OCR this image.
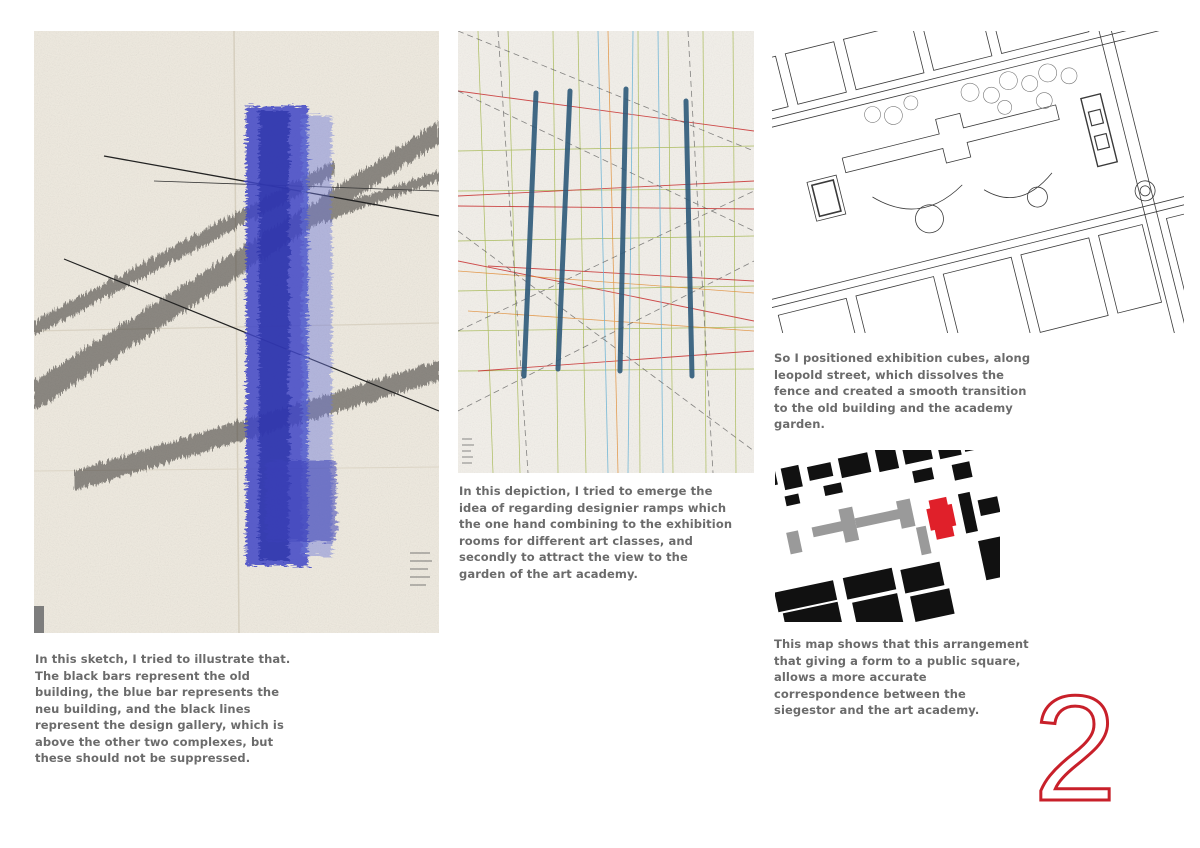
In this sketch, I tried to illustrate that.
The black bars represent the old
building, the blue bar represents the
neu building, and the black lines
represent the design gallery, which is
above the other two complexes, but
these should not be suppressed.
In this depiction, I tried to emerge the
idea of regarding designier ramps which
the one hand combining to the exhibition
rooms for different art classes, and
secondly to attract the view to the
garden of the art academy.
So I positioned exhibition cubes, along
leopold street, which dissolves the
fence and created a smooth transition
to the old building and the academy
garden.
This map shows that this arrangement
that giving a form to a public square,
allows a more accurate
correspondence between the
siegestor and the art academy. 2
